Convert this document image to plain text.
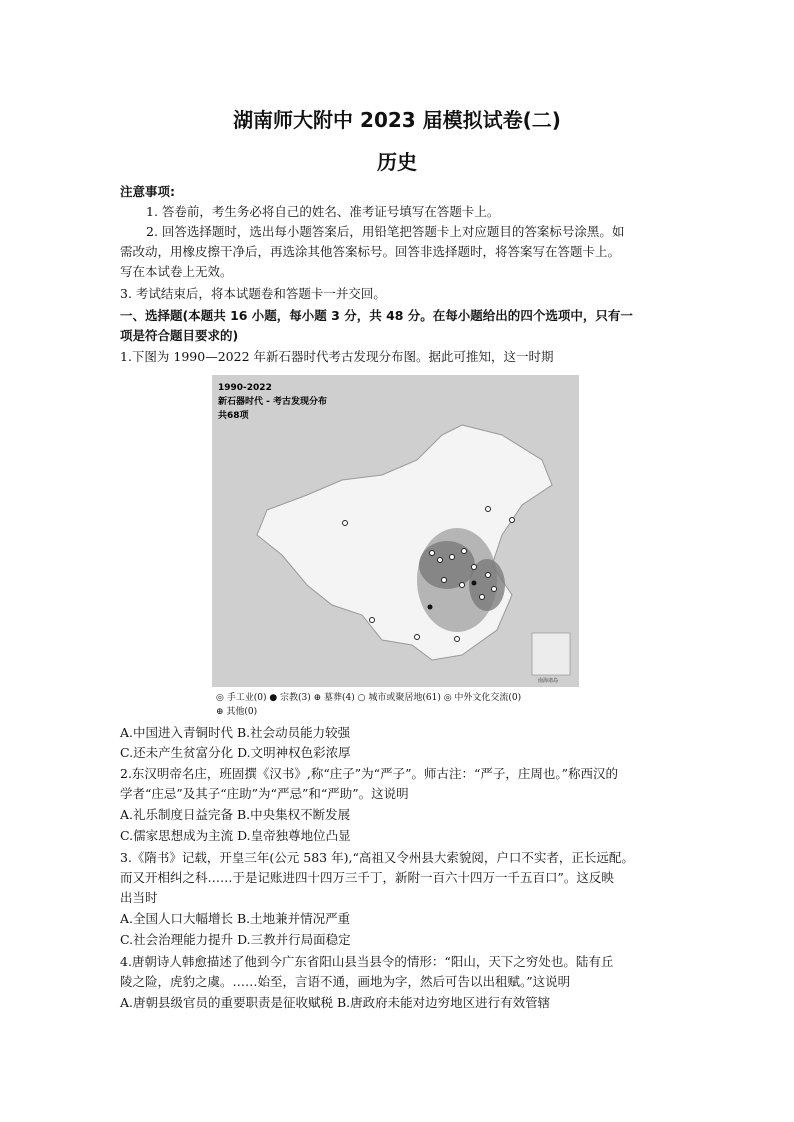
湖南师大附中 2023 届模拟试卷(二)
历史
注意事项:
1. 答卷前，考生务必将自己的姓名、准考证号填写在答题卡上。
2. 回答选择题时，选出每小题答案后，用铅笔把答题卡上对应题目的答案标号涂黑。如
需改动，用橡皮擦干净后，再选涂其他答案标号。回答非选择题时，将答案写在答题卡上。
写在本试卷上无效。
3. 考试结束后，将本试题卷和答题卡一并交回。
一、选择题(本题共 16 小题，每小题 3 分，共 48 分。在每小题给出的四个选项中，只有一
项是符合题目要求的)
1.下图为 1990—2022 年新石器时代考古发现分布图。据此可推知，这一时期
南海诸岛
1990-2022
新石器时代 - 考古发现分布
共68项
◎ 手工业(0) ● 宗教(3) ⊕ 墓葬(4) ○ 城市或聚居地(61) ◎ 中外文化交流(0)
⊕ 其他(0)
A.中国进入青铜时代 B.社会动员能力较强
C.还未产生贫富分化 D.文明神权色彩浓厚
2.东汉明帝名庄，班固撰《汉书》,称“庄子”为“严子”。师古注：“严子，庄周也。”称西汉的
学者“庄忌”及其子“庄助”为“严忌”和“严助”。这说明
A.礼乐制度日益完备 B.中央集权不断发展
C.儒家思想成为主流 D.皇帝独尊地位凸显
3.《隋书》记载，开皇三年(公元 583 年),“高祖又令州县大索貌阅，户口不实者，正长远配。
而又开相纠之科……于是记账进四十四万三千丁，新附一百六十四万一千五百口”。这反映
出当时
A.全国人口大幅增长 B.土地兼并情况严重
C.社会治理能力提升 D.三教并行局面稳定
4.唐朝诗人韩愈描述了他到今广东省阳山县当县令的情形：“阳山，天下之穷处也。陆有丘
陵之险，虎豹之虞。……始至，言语不通，画地为字，然后可告以出租赋。”这说明
A.唐朝县级官员的重要职责是征收赋税 B.唐政府未能对边穷地区进行有效管辖
